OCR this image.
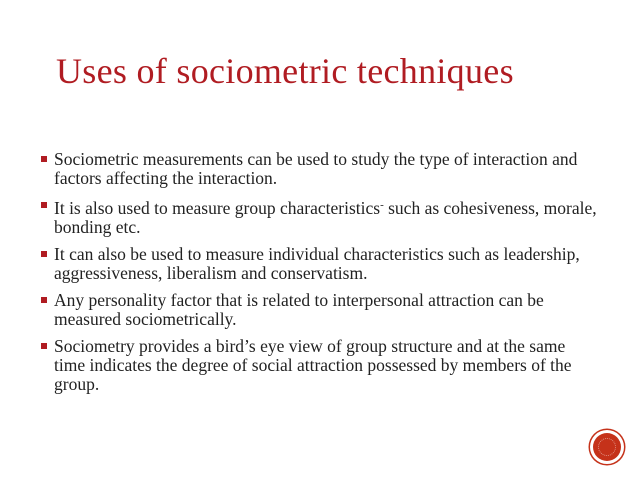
Uses of sociometric techniques
Sociometric measurements can be used to study the type of interaction and factors affecting the interaction.
It is also used to measure group characteristics- such as cohesiveness, morale, bonding etc.
It can also be used to measure individual characteristics such as leadership, aggressiveness, liberalism and conservatism.
Any personality factor that is related to interpersonal attraction can be measured sociometrically.
Sociometry provides a bird’s eye view of group structure and at the same time indicates the degree of social attraction possessed by members of the group.
